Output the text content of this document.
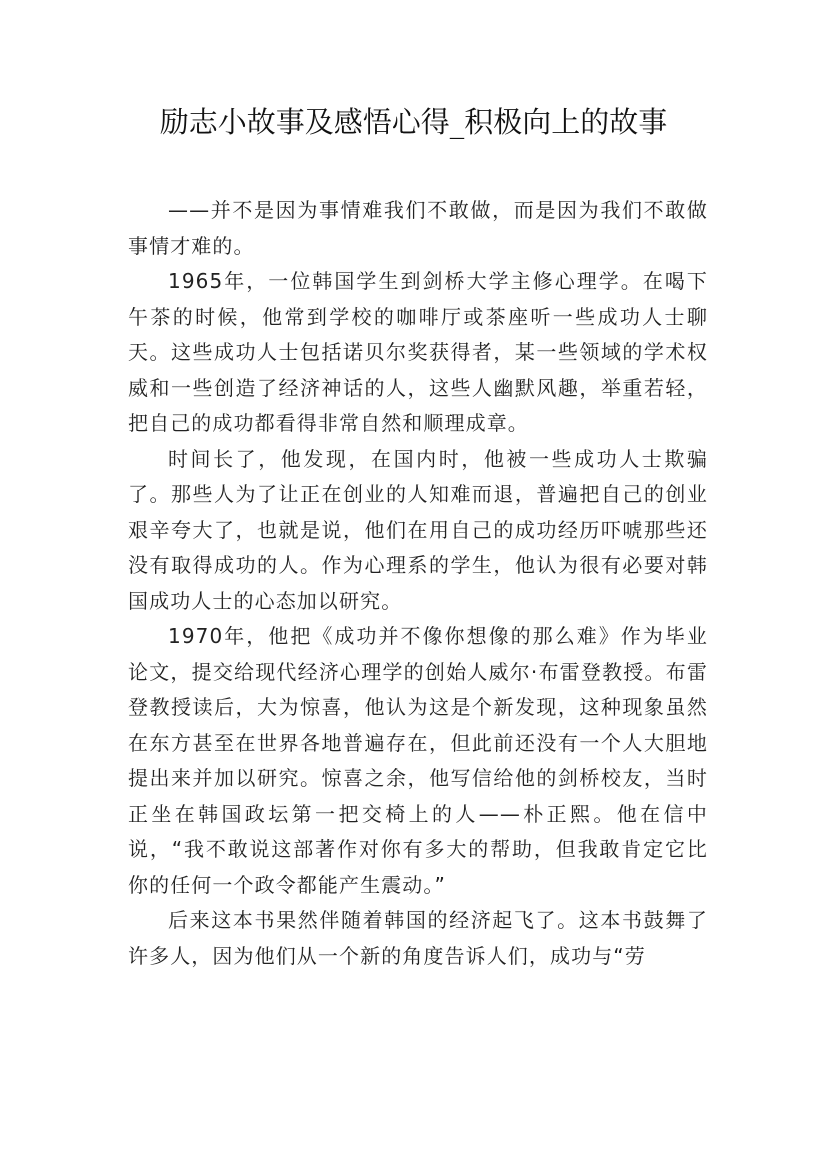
励志小故事及感悟心得_积极向上的故事

——并不是因为事情难我们不敢做，而是因为我们不敢做事情才难的。

1965年，一位韩国学生到剑桥大学主修心理学。在喝下午茶的时候，他常到学校的咖啡厅或茶座听一些成功人士聊天。这些成功人士包括诺贝尔奖获得者，某一些领域的学术权威和一些创造了经济神话的人，这些人幽默风趣，举重若轻，把自己的成功都看得非常自然和顺理成章。

时间长了，他发现，在国内时，他被一些成功人士欺骗了。那些人为了让正在创业的人知难而退，普遍把自己的创业艰辛夸大了，也就是说，他们在用自己的成功经历吓唬那些还没有取得成功的人。作为心理系的学生，他认为很有必要对韩国成功人士的心态加以研究。

1970年，他把《成功并不像你想像的那么难》作为毕业论文，提交给现代经济心理学的创始人威尔·布雷登教授。布雷登教授读后，大为惊喜，他认为这是个新发现，这种现象虽然在东方甚至在世界各地普遍存在，但此前还没有一个人大胆地提出来并加以研究。惊喜之余，他写信给他的剑桥校友，当时正坐在韩国政坛第一把交椅上的人——朴正熙。他在信中说，“我不敢说这部著作对你有多大的帮助，但我敢肯定它比你的任何一个政令都能产生震动。”

后来这本书果然伴随着韩国的经济起飞了。这本书鼓舞了许多人，因为他们从一个新的角度告诉人们，成功与“劳
